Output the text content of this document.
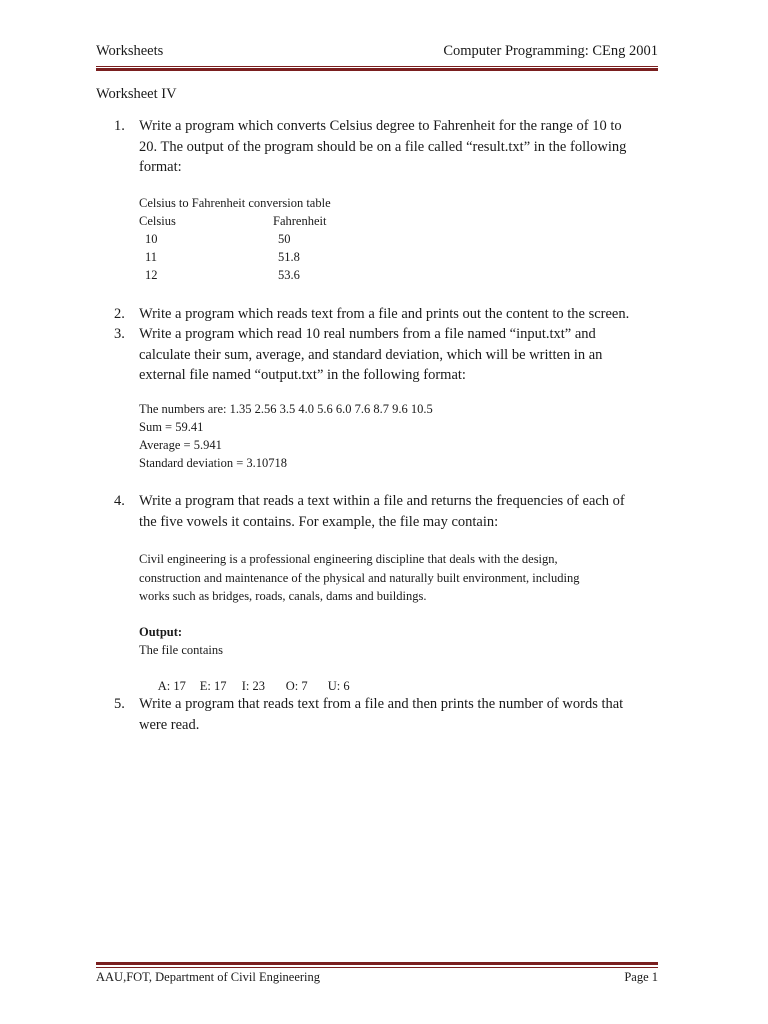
Worksheets	Computer Programming: CEng 2001
Worksheet IV
1. Write a program which converts Celsius degree to Fahrenheit for the range of 10 to
20. The output of the program should be on a file called “result.txt” in the following
format:
Celsius to Fahrenheit conversion table
Celsius	Fahrenheit
10	50
11	51.8
12	53.6
2. Write a program which reads text from a file and prints out the content to the screen.
3. Write a program which read 10 real numbers from a file named “input.txt” and
calculate their sum, average, and standard deviation, which will be written in an
external file named “output.txt” in the following format:
The numbers are: 1.35 2.56 3.5 4.0 5.6 6.0 7.6 8.7 9.6 10.5
Sum = 59.41
Average = 5.941
Standard deviation = 3.10718
4. Write a program that reads a text within a file and returns the frequencies of each of
the five vowels it contains. For example, the file may contain:
Civil engineering is a professional engineering discipline that deals with the design,
construction and maintenance of the physical and naturally built environment, including
works such as bridges, roads, canals, dams and buildings.
Output:
The file contains

A: 17 E: 17 I: 23 O: 7 U: 6

5. Write a program that reads text from a file and then prints the number of words that
were read.
AAU,FOT, Department of Civil Engineering	Page 1
